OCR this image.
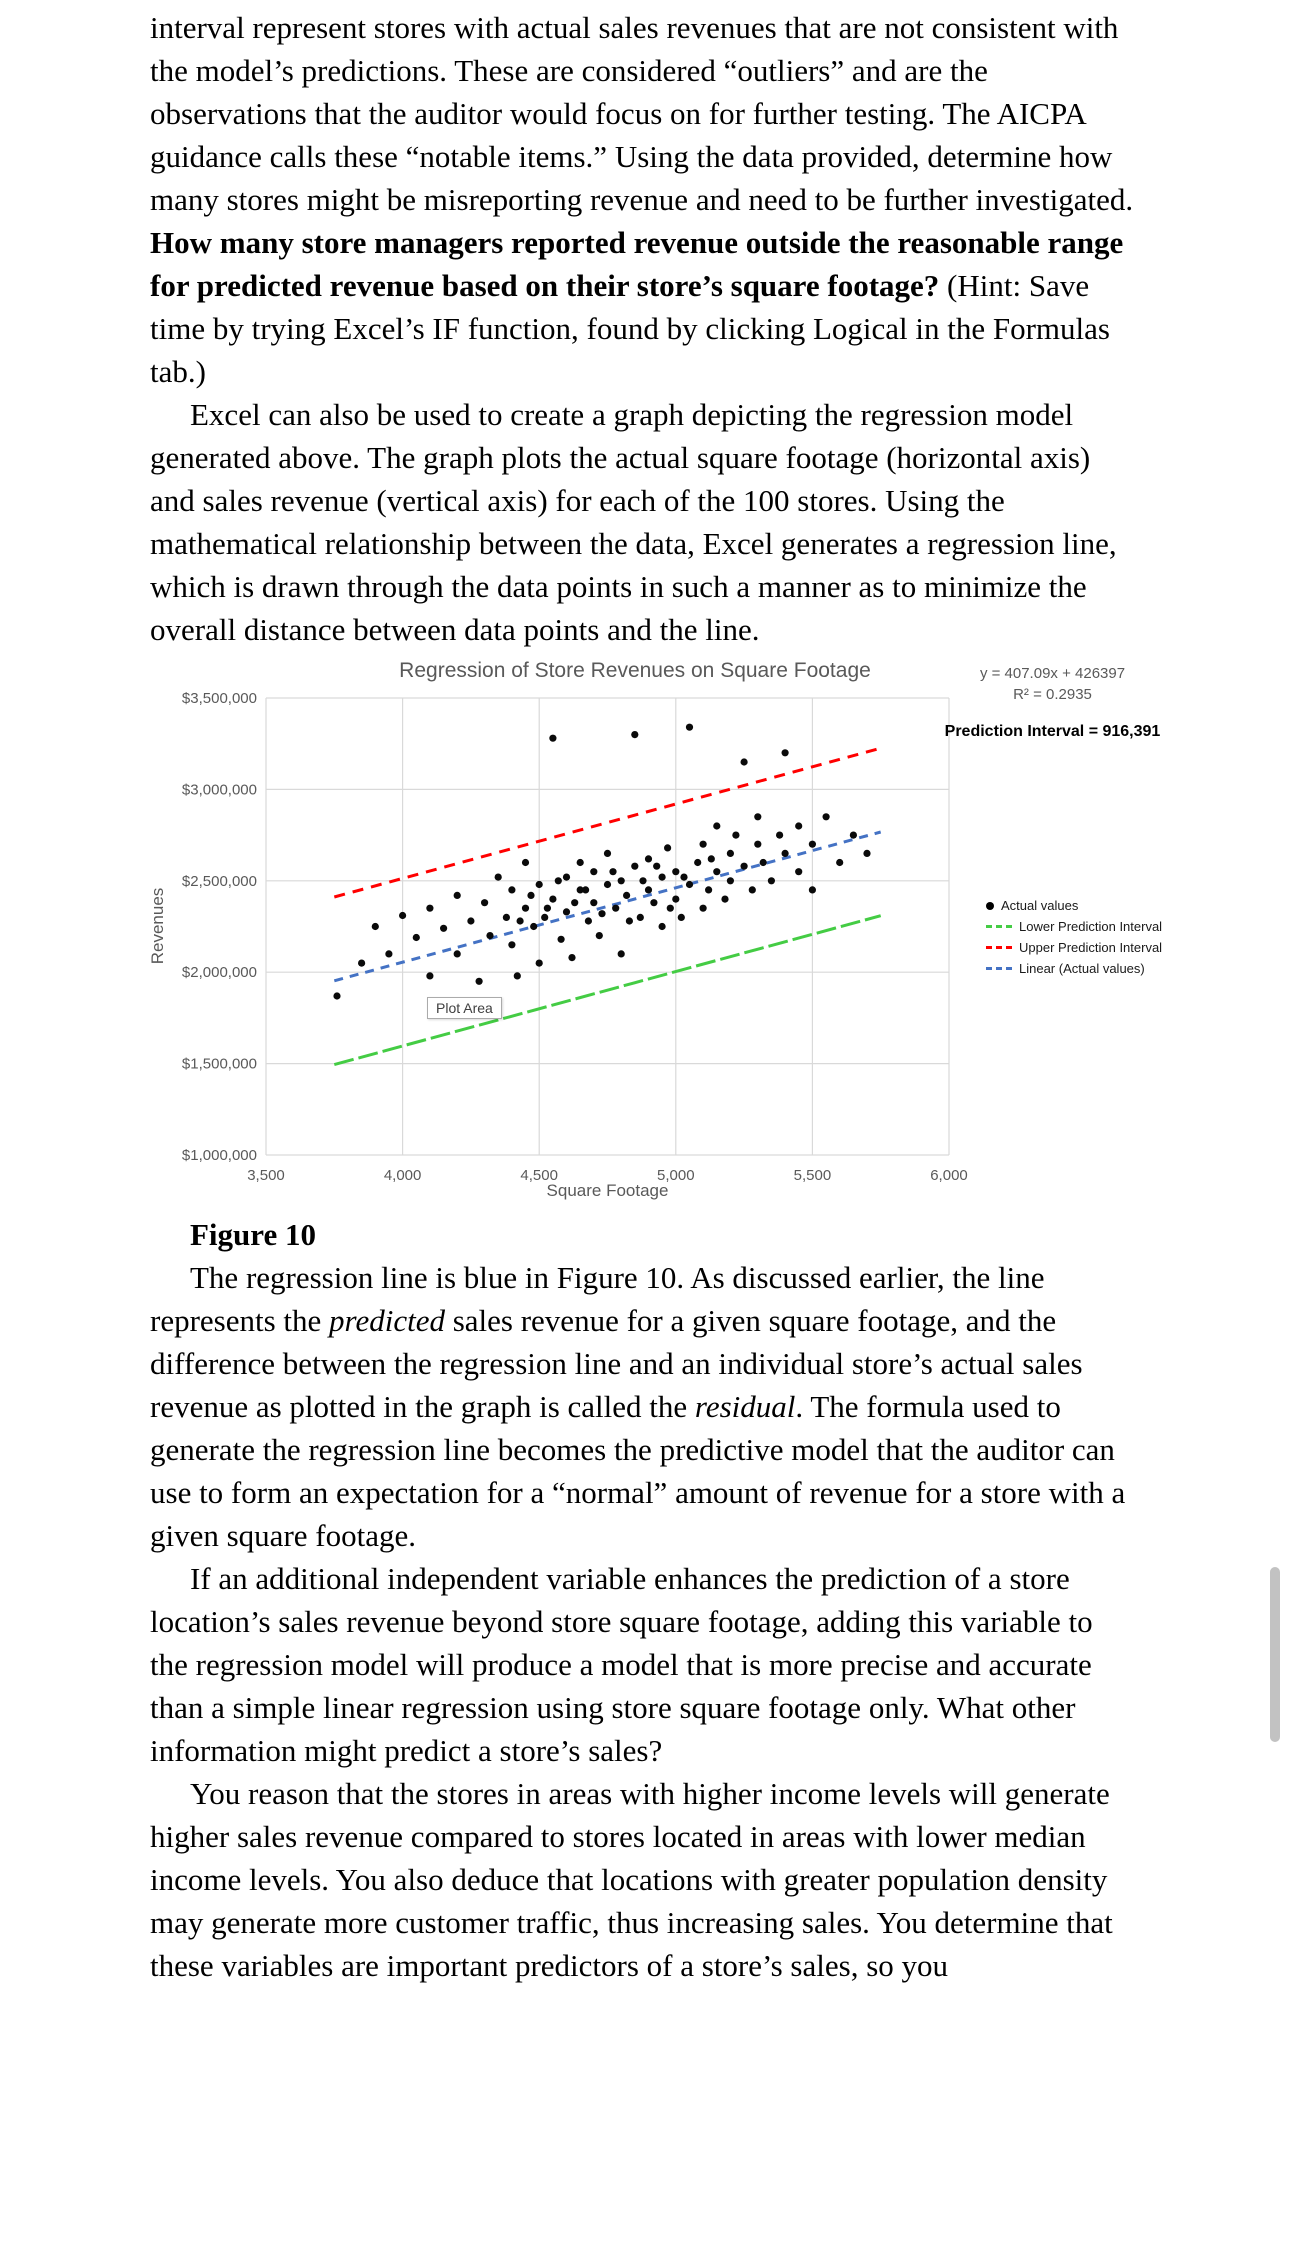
interval represent stores with actual sales revenues that are not consistent with the model’s predictions. These are considered “outliers” and are the observations that the auditor would focus on for further testing. The AICPA guidance calls these “notable items.” Using the data provided, determine how many stores might be misreporting revenue and need to be further investigated. How many store managers reported revenue outside the reasonable range for predicted revenue based on their store’s square footage? (Hint: Save time by trying Excel’s IF function, found by clicking Logical in the Formulas tab.)

Excel can also be used to create a graph depicting the regression model generated above. The graph plots the actual square footage (horizontal axis) and sales revenue (vertical axis) for each of the 100 stores. Using the mathematical relationship between the data, Excel generates a regression line, which is drawn through the data points in such a manner as to minimize the overall distance between data points and the line.

$1,000,000
$1,500,000
$2,000,000
$2,500,000
$3,000,000
$3,500,000
3,500	4,000	4,500	5,000	5,500	6,000
Regression of Store Revenues on Square Footage	y = 407.09x + 426397
R² = 0.2935
Prediction Interval = 916,391
Revenues
Square Footage
Plot Area
Actual values
Lower Prediction Interval
Upper Prediction Interval
Linear (Actual values)

Figure 10

The regression line is blue in Figure 10. As discussed earlier, the line represents the predicted sales revenue for a given square footage, and the difference between the regression line and an individual store’s actual sales revenue as plotted in the graph is called the residual. The formula used to generate the regression line becomes the predictive model that the auditor can use to form an expectation for a “normal” amount of revenue for a store with a given square footage.

If an additional independent variable enhances the prediction of a store location’s sales revenue beyond store square footage, adding this variable to the regression model will produce a model that is more precise and accurate than a simple linear regression using store square footage only. What other information might predict a store’s sales?

You reason that the stores in areas with higher income levels will generate higher sales revenue compared to stores located in areas with lower median income levels. You also deduce that locations with greater population density may generate more customer traffic, thus increasing sales. You determine that these variables are important predictors of a store’s sales, so you
